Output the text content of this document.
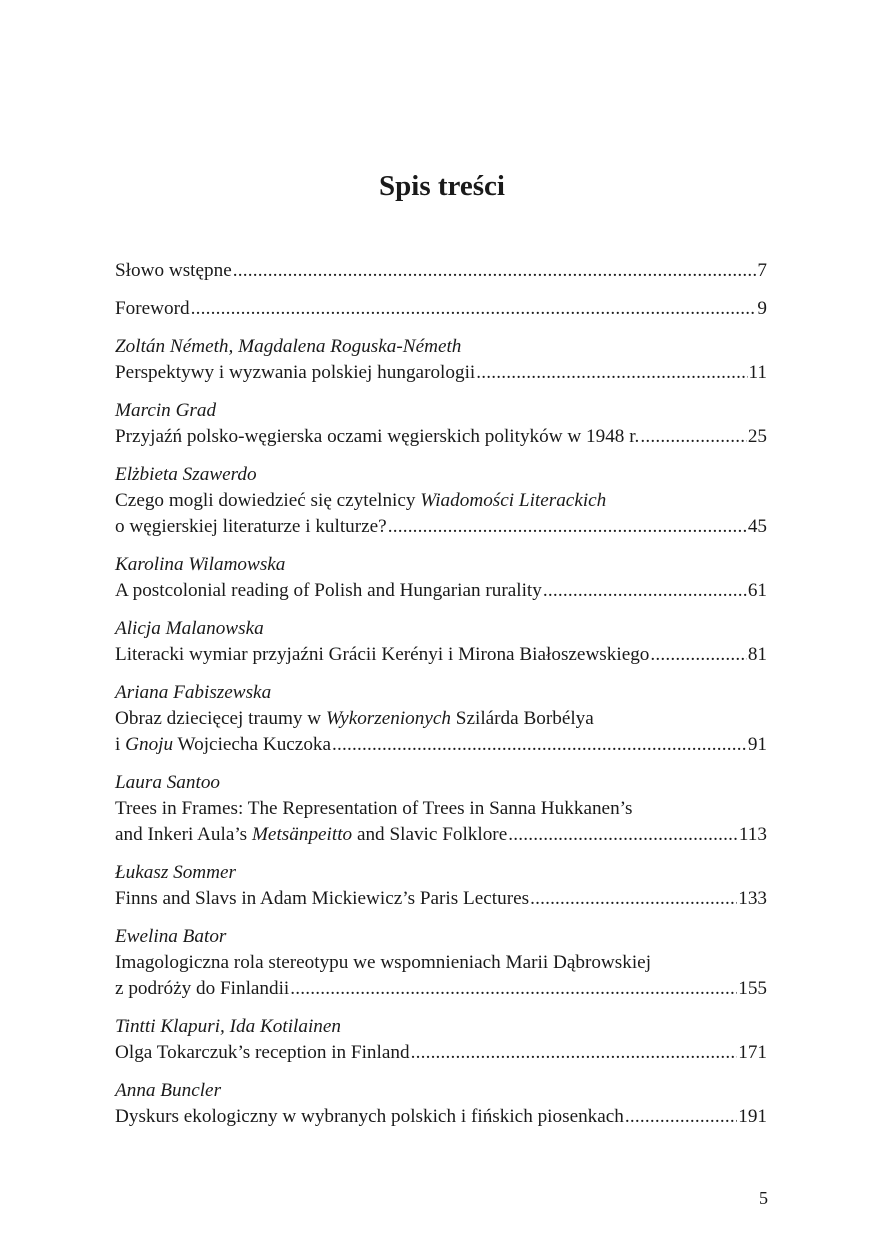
Spis treści
Słowo wstępne .....	7
Foreword .....	9
Zoltán Németh, Magdalena Roguska-Németh
Perspektywy i wyzwania polskiej hungarologii .....	11
Marcin Grad
Przyjaźń polsko-węgierska oczami węgierskich polityków w 1948 r. .....	25
Elżbieta Szawerdo
Czego mogli dowiedzieć się czytelnicy Wiadomości Literackich
o węgierskiej literaturze i kulturze? .....	45
Karolina Wilamowska
A postcolonial reading of Polish and Hungarian rurality .....	61
Alicja Malanowska
Literacki wymiar przyjaźni Grácii Kerényi i Mirona Białoszewskiego .....	81
Ariana Fabiszewska
Obraz dziecięcej traumy w Wykorzenionych Szilárda Borbélya
i Gnoju Wojciecha Kuczoka .....	91
Laura Santoo
Trees in Frames: The Representation of Trees in Sanna Hukkanen’s
and Inkeri Aula’s Metsänpeitto and Slavic Folklore .....	113
Łukasz Sommer
Finns and Slavs in Adam Mickiewicz’s Paris Lectures .....	133
Ewelina Bator
Imagologiczna rola stereotypu we wspomnieniach Marii Dąbrowskiej
z podróży do Finlandii .....	155
Tintti Klapuri, Ida Kotilainen
Olga Tokarczuk’s reception in Finland .....	171
Anna Buncler
Dyskurs ekologiczny w wybranych polskich i fińskich piosenkach .....	191
5
